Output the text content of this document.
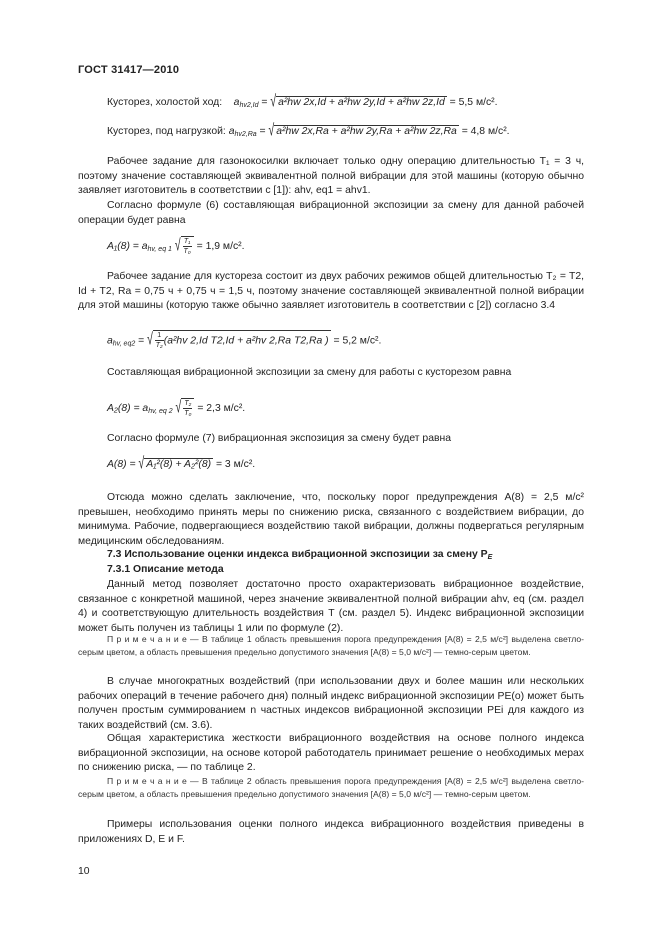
ГОСТ 31417—2010
Кусторез, холостой ход: $a_{hv2,Id}$ = √ a²hw 2x,Id + a²hw 2y,Id + a²hw 2z,Id = 5,5 м/с².
Кусторез, под нагрузкой: $a_{hv2,Ra}$ = √ a²hw 2x,Ra + a²hw 2y,Ra + a²hw 2z,Ra = 4,8 м/с².
Рабочее задание для газонокосилки включает только одну операцию длительностью T₁ = 3 ч, поэтому значение составляющей эквивалентной полной вибрации для этой машины (которую обычно заявляет изготовитель в соответствии с [1]): ahv, eq1 = ahv1.
Согласно формуле (6) составляющая вибрационной экспозиции за смену для данной рабочей операции будет равна
$A_1(8) = a_{hv, eq 1}$ √ $\frac{\text{T₁}}{\text{T₀}} = 1,9$ м/с².
Рабочее задание для кустореза состоит из двух рабочих режимов общей длительностью T₂ = T2, Id + T2, Ra = 0,75 ч + 0,75 ч = 1,5 ч, поэтому значение составляющей эквивалентной полной вибрации для этой машины (которую также обычно заявляет изготовитель в соответствии с [2]) согласно 3.4
$a_{hv, eq2}$ = √ $\frac{1}{\text{T₂}} (a^2hv$ 2,Id T2,Id + a²hv 2,Ra T2,Ra ) = 5,2 м/с².
Составляющая вибрационной экспозиции за смену для работы с кусторезом равна
$A_2(8) = a_{hv, eq 2}$ √ $\frac{\text{T₂}}{\text{T₀}} = 2,3$ м/с².
Согласно формуле (7) вибрационная экспозиция за смену будет равна
A(8) = √ A₁²(8) + A₂²(8) = 3 м/с².
Отсюда можно сделать заключение, что, поскольку порог предупреждения A(8) = 2,5 м/с² превышен, необходимо принять меры по снижению риска, связанного с воздействием вибрации, до минимума. Рабочие, подвергающиеся воздействию такой вибрации, должны подвергаться регулярным медицинским обследованиям.
7.3 Использование оценки индекса вибрационной экспозиции за смену $P_E$
7.3.1 Описание метода
Данный метод позволяет достаточно просто охарактеризовать вибрационное воздействие, связанное с конкретной машиной, через значение эквивалентной полной вибрации ahv, eq (см. раздел 4) и соответствующую длительность воздействия T (см. раздел 5). Индекс вибрационной экспозиции может быть получен из таблицы 1 или по формуле (2).
П р и м е ч а н и е — В таблице 1 область превышения порога предупреждения [A(8) = 2,5 м/с²] выделена светло-серым цветом, а область превышения предельно допустимого значения [A(8) = 5,0 м/с²] — темно-серым цветом.
В случае многократных воздействий (при использовании двух и более машин или нескольких рабочих операций в течение рабочего дня) полный индекс вибрационной экспозиции PE(o) может быть получен простым суммированием n частных индексов вибрационной экспозиции PEi для каждого из таких воздействий (см. 3.6).
Общая характеристика жесткости вибрационного воздействия на основе полного индекса вибрационной экспозиции, на основе которой работодатель принимает решение о необходимых мерах по снижению риска, — по таблице 2.
П р и м е ч а н и е — В таблице 2 область превышения порога предупреждения [A(8) = 2,5 м/с²] выделена светло-серым цветом, а область превышения предельно допустимого значения [A(8) = 5,0 м/с²] — темно-серым цветом.
Примеры использования оценки полного индекса вибрационного воздействия приведены в приложениях D, E и F.
10
